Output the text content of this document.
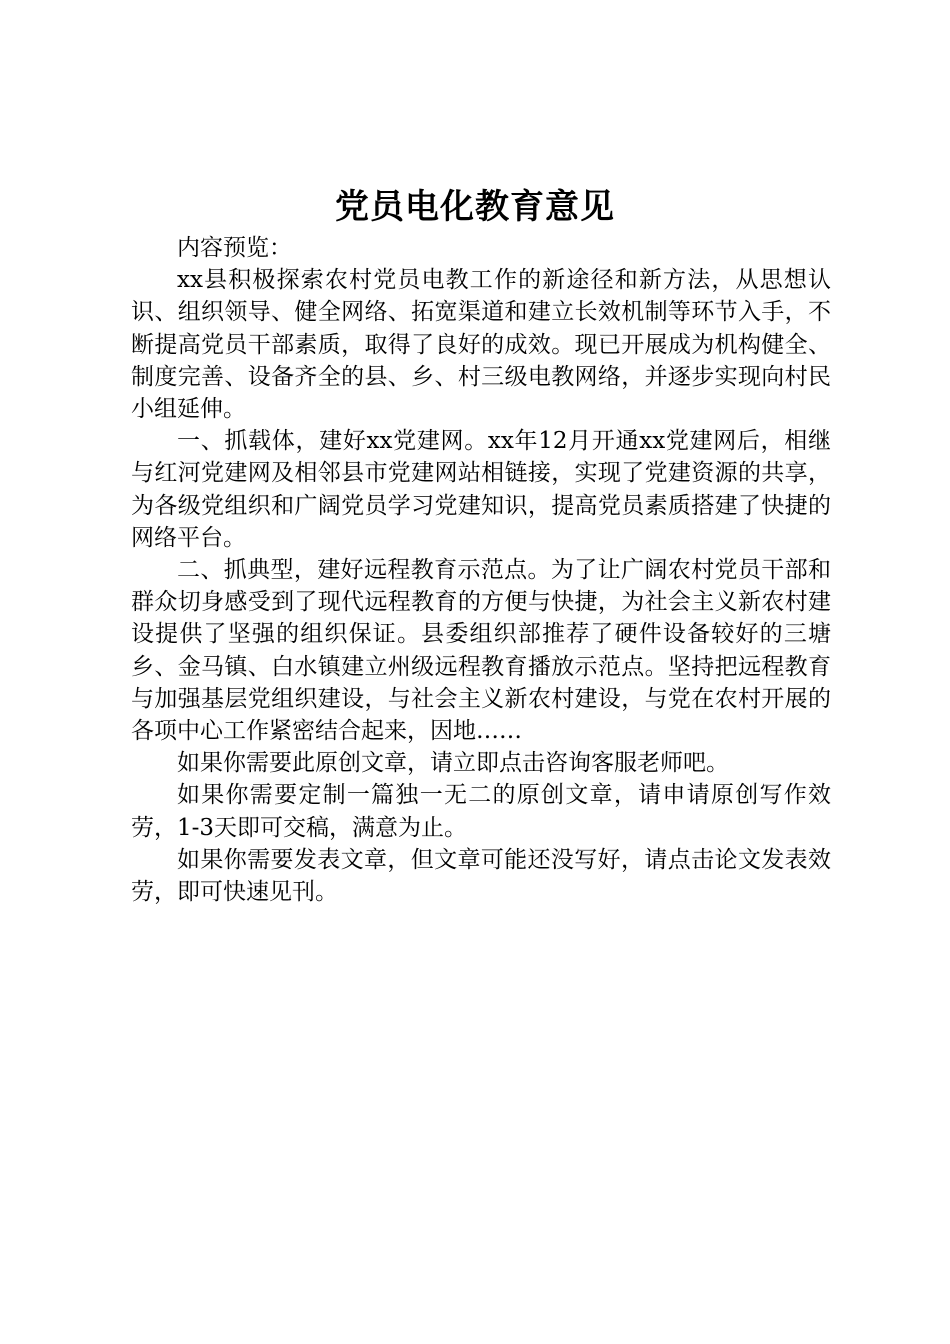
党员电化教育意见

内容预览：

xx县积极探索农村党员电教工作的新途径和新方法，从思想认识、组织领导、健全网络、拓宽渠道和建立长效机制等环节入手，不断提高党员干部素质，取得了良好的成效。现已开展成为机构健全、制度完善、设备齐全的县、乡、村三级电教网络，并逐步实现向村民小组延伸。

一、抓载体，建好xx党建网。xx年12月开通xx党建网后，相继与红河党建网及相邻县市党建网站相链接，实现了党建资源的共享，为各级党组织和广阔党员学习党建知识，提高党员素质搭建了快捷的网络平台。

二、抓典型，建好远程教育示范点。为了让广阔农村党员干部和群众切身感受到了现代远程教育的方便与快捷，为社会主义新农村建设提供了坚强的组织保证。县委组织部推荐了硬件设备较好的三塘乡、金马镇、白水镇建立州级远程教育播放示范点。坚持把远程教育与加强基层党组织建设，与社会主义新农村建设，与党在农村开展的各项中心工作紧密结合起来，因地……

如果你需要此原创文章，请立即点击咨询客服老师吧。

如果你需要定制一篇独一无二的原创文章，请申请原创写作效劳，1-3天即可交稿，满意为止。

如果你需要发表文章，但文章可能还没写好，请点击论文发表效劳，即可快速见刊。
